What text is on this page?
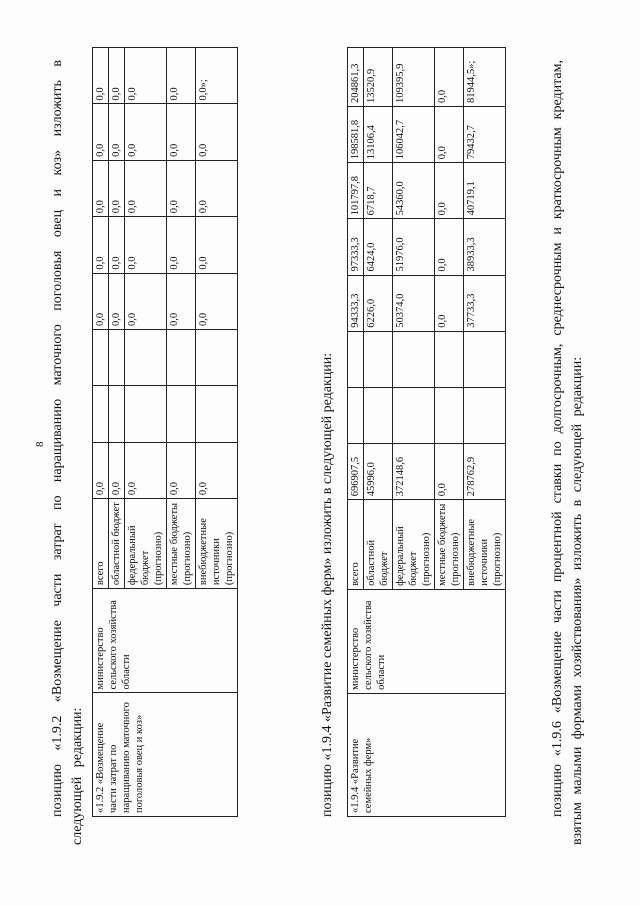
8 позицию «1.9.2 «Возмещение части затрат по наращиванию маточного поголовья овец и коз» изложить в следующей редакции: «1.9.2 «Возмещение части затрат по наращиванию маточного поголовья овец и коз»	министерство сельского хозяйства области	всего	0,0			0,0	0,0	0,0	0,0	0,0
		областной бюджет	0,0			0,0	0,0	0,0	0,0	0,0
		федеральный бюджет (прогнозно)	0,0			0,0	0,0	0,0	0,0	0,0
		местные бюджеты (прогнозно)	0,0			0,0	0,0	0,0	0,0	0,0
		внебюджетные источники (прогнозно)	0,0			0,0	0,0	0,0	0,0	0,0»;
позицию «1.9.4 «Развитие семейных ферм» изложить в следующей редакции: «1.9.4 «Развитие семейных ферм»	министерство сельского хозяйства области	всего	696907,5			94333,3	97333,3	101797,8	198581,8	204861,3
		областной бюджет	45996,0			6226,0	6424,0	6718,7	13106,4	13520,9
		федеральный бюджет (прогнозно)	372148,6			50374,0	51976,0	54360,0	106042,7	109395,9
		местные бюджеты (прогнозно)	0,0			0,0	0,0	0,0	0,0	0,0
		внебюджетные источники (прогнозно)	278762,9			37733,3	38933,3	40719,1	79432,7	81944,5»;	позицию «1.9.6 «Возмещение части процентной ставки по долгосрочным, среднесрочным и краткосрочным кредитам, взятым малыми формами хозяйствования» изложить в следующей редакции:
